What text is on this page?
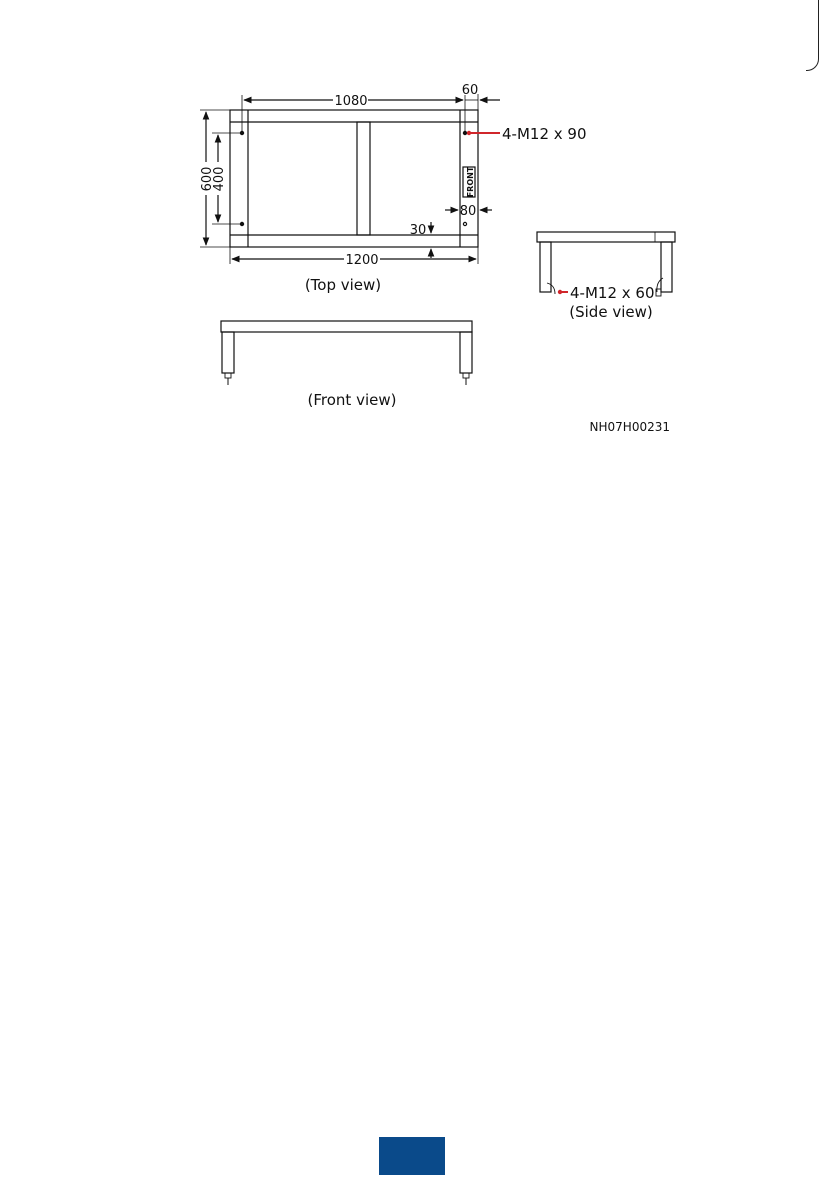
1080
60
600
400
1200
30
80
FRONT
4-M12 x 90
(Top view)	4-M12 x 60
(Side view)
(Front view)
NH07H00231
